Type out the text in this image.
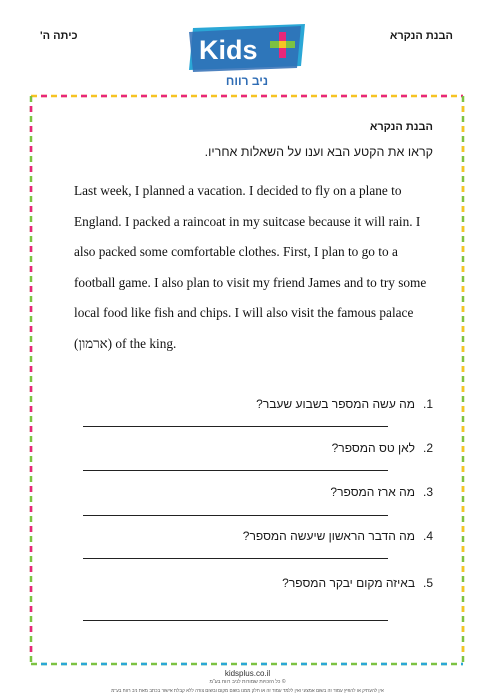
כיתה ה'	הבנת הנקרא
Kids
ניב רווח
הבנת הנקרא
קראו את הקטע הבא וענו על השאלות אחריו.
Last week, I planned a vacation. I decided to fly on a plane to England. I packed a raincoat in my suitcase because it will rain. I also packed some comfortable clothes. First, I plan to go to a football game. I also plan to visit my friend James and to try some local food like fish and chips. I will also visit the famous palace (ארמון) of the king.
.1
מה עשה המספר בשבוע שעבר?
.2
לאן טס המספר?
.3
מה ארז המספר?
.4
מה הדבר הראשון שיעשה המספר?
.5
באיזה מקום יבקר המספר?
kidsplus.co.il
© כל הזכויות שמורות לניב רווח בע"מ
אין להעתיק או להפיץ עמוד זה בשום אמצעי ואין ללמד עמוד זה או חלק ממנו בשום מקום ובשום צורה ללא קבלת אישור בכתב מאת ניב רווח בע"מ
